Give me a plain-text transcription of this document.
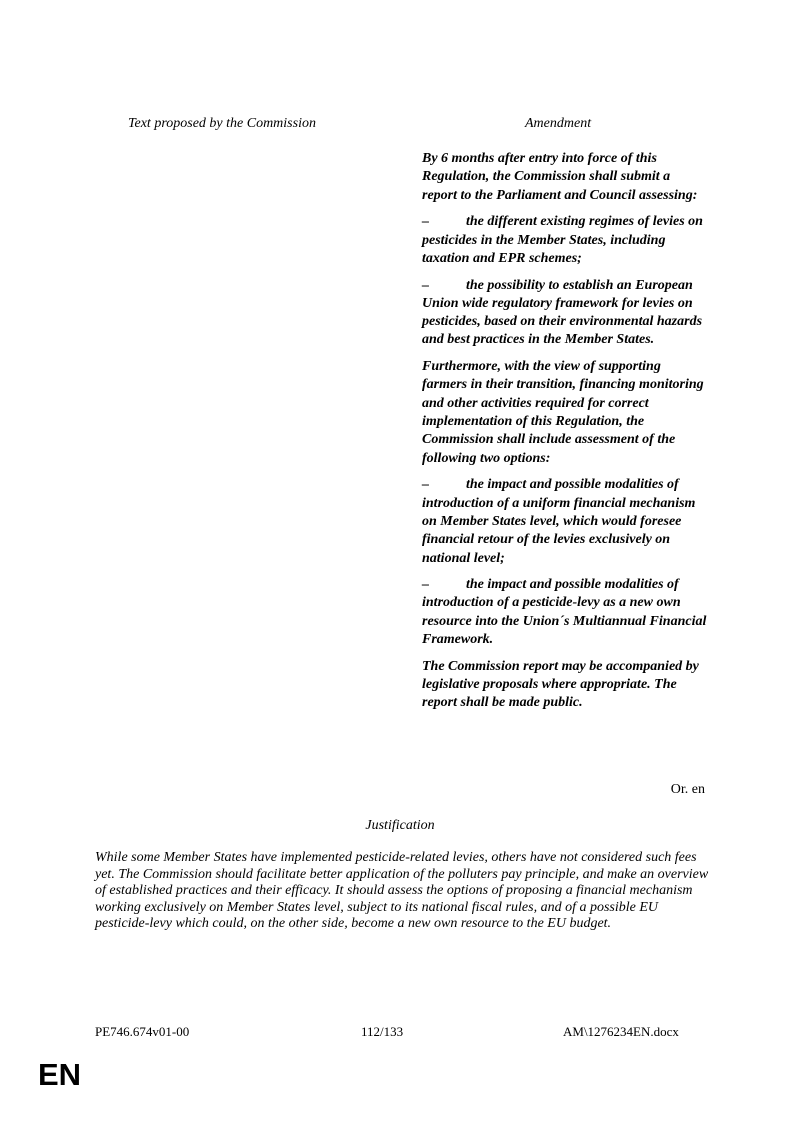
Text proposed by the Commission	Amendment

By 6 months after entry into force of this Regulation, the Commission shall submit a report to the Parliament and Council assessing:

–	the different existing regimes of levies on pesticides in the Member States, including taxation and EPR schemes;

–	the possibility to establish an European Union wide regulatory framework for levies on pesticides, based on their environmental hazards and best practices in the Member States.

Furthermore, with the view of supporting farmers in their transition, financing monitoring and other activities required for correct implementation of this Regulation, the Commission shall include assessment of the following two options:

–	the impact and possible modalities of introduction of a uniform financial mechanism on Member States level, which would foresee financial retour of the levies exclusively on national level;

–	the impact and possible modalities of introduction of a pesticide-levy as a new own resource into the Union´s Multiannual Financial Framework.

The Commission report may be accompanied by legislative proposals where appropriate. The report shall be made public.

Or. en
Justification

While some Member States have implemented pesticide-related levies, others have not considered such fees yet. The Commission should facilitate better application of the polluters pay principle, and make an overview of established practices and their efficacy. It should assess the options of proposing a financial mechanism working exclusively on Member States level, subject to its national fiscal rules, and of a possible EU pesticide-levy which could, on the other side, become a new own resource to the EU budget.

PE746.674v01-00	112/133	AM\1276234EN.docx
EN
